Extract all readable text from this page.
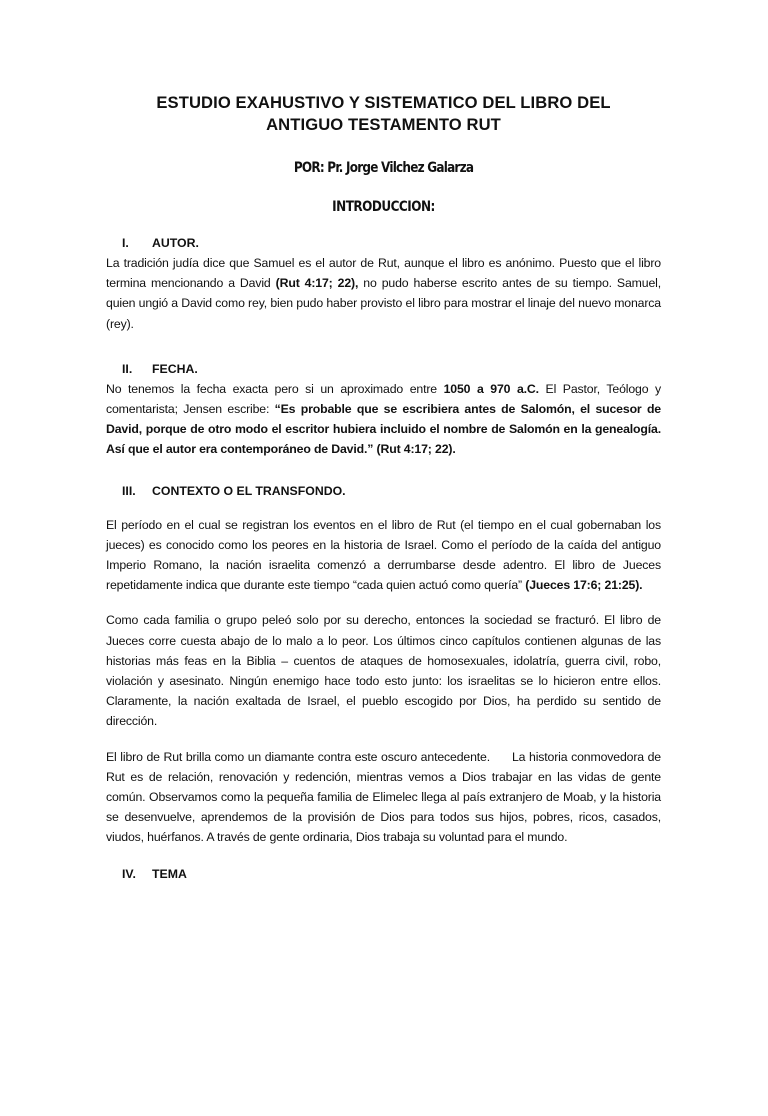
ESTUDIO EXAHUSTIVO Y SISTEMATICO DEL LIBRO DEL
ANTIGUO TESTAMENTO RUT
POR: Pr. Jorge Vilchez Galarza
INTRODUCCION:
I.	AUTOR.

La tradición judía dice que Samuel es el autor de Rut, aunque el libro es anónimo. Puesto que el libro termina mencionando a David (Rut 4:17; 22), no pudo haberse escrito antes de su tiempo. Samuel, quien ungió a David como rey, bien pudo haber provisto el libro para mostrar el linaje del nuevo monarca (rey).

II.	FECHA.

No tenemos la fecha exacta pero si un aproximado entre 1050 a 970 a.C. El Pastor, Teólogo y comentarista; Jensen escribe: “Es probable que se escribiera antes de Salomón, el sucesor de David, porque de otro modo el escritor hubiera incluido el nombre de Salomón en la genealogía. Así que el autor era contemporáneo de David.” (Rut 4:17; 22).

III.	CONTEXTO O EL TRANSFONDO.

El período en el cual se registran los eventos en el libro de Rut (el tiempo en el cual gobernaban los jueces) es conocido como los peores en la historia de Israel. Como el período de la caída del antiguo Imperio Romano, la nación israelita comenzó a derrumbarse desde adentro. El libro de Jueces repetidamente indica que durante este tiempo “cada quien actuó como quería” (Jueces 17:6; 21:25).

Como cada familia o grupo peleó solo por su derecho, entonces la sociedad se fracturó. El libro de Jueces corre cuesta abajo de lo malo a lo peor. Los últimos cinco capítulos contienen algunas de las historias más feas en la Biblia – cuentos de ataques de homosexuales, idolatría, guerra civil, robo, violación y asesinato. Ningún enemigo hace todo esto junto: los israelitas se lo hicieron entre ellos. Claramente, la nación exaltada de Israel, el pueblo escogido por Dios, ha perdido su sentido de dirección.

El libro de Rut brilla como un diamante contra este oscuro antecedente.      La historia conmovedora de Rut es de relación, renovación y redención, mientras vemos a Dios trabajar en las vidas de gente común. Observamos como la pequeña familia de Elimelec llega al país extranjero de Moab, y la historia se desenvuelve, aprendemos de la provisión de Dios para todos sus hijos, pobres, ricos, casados, viudos, huérfanos. A través de gente ordinaria, Dios trabaja su voluntad para el mundo.

IV.	TEMA
